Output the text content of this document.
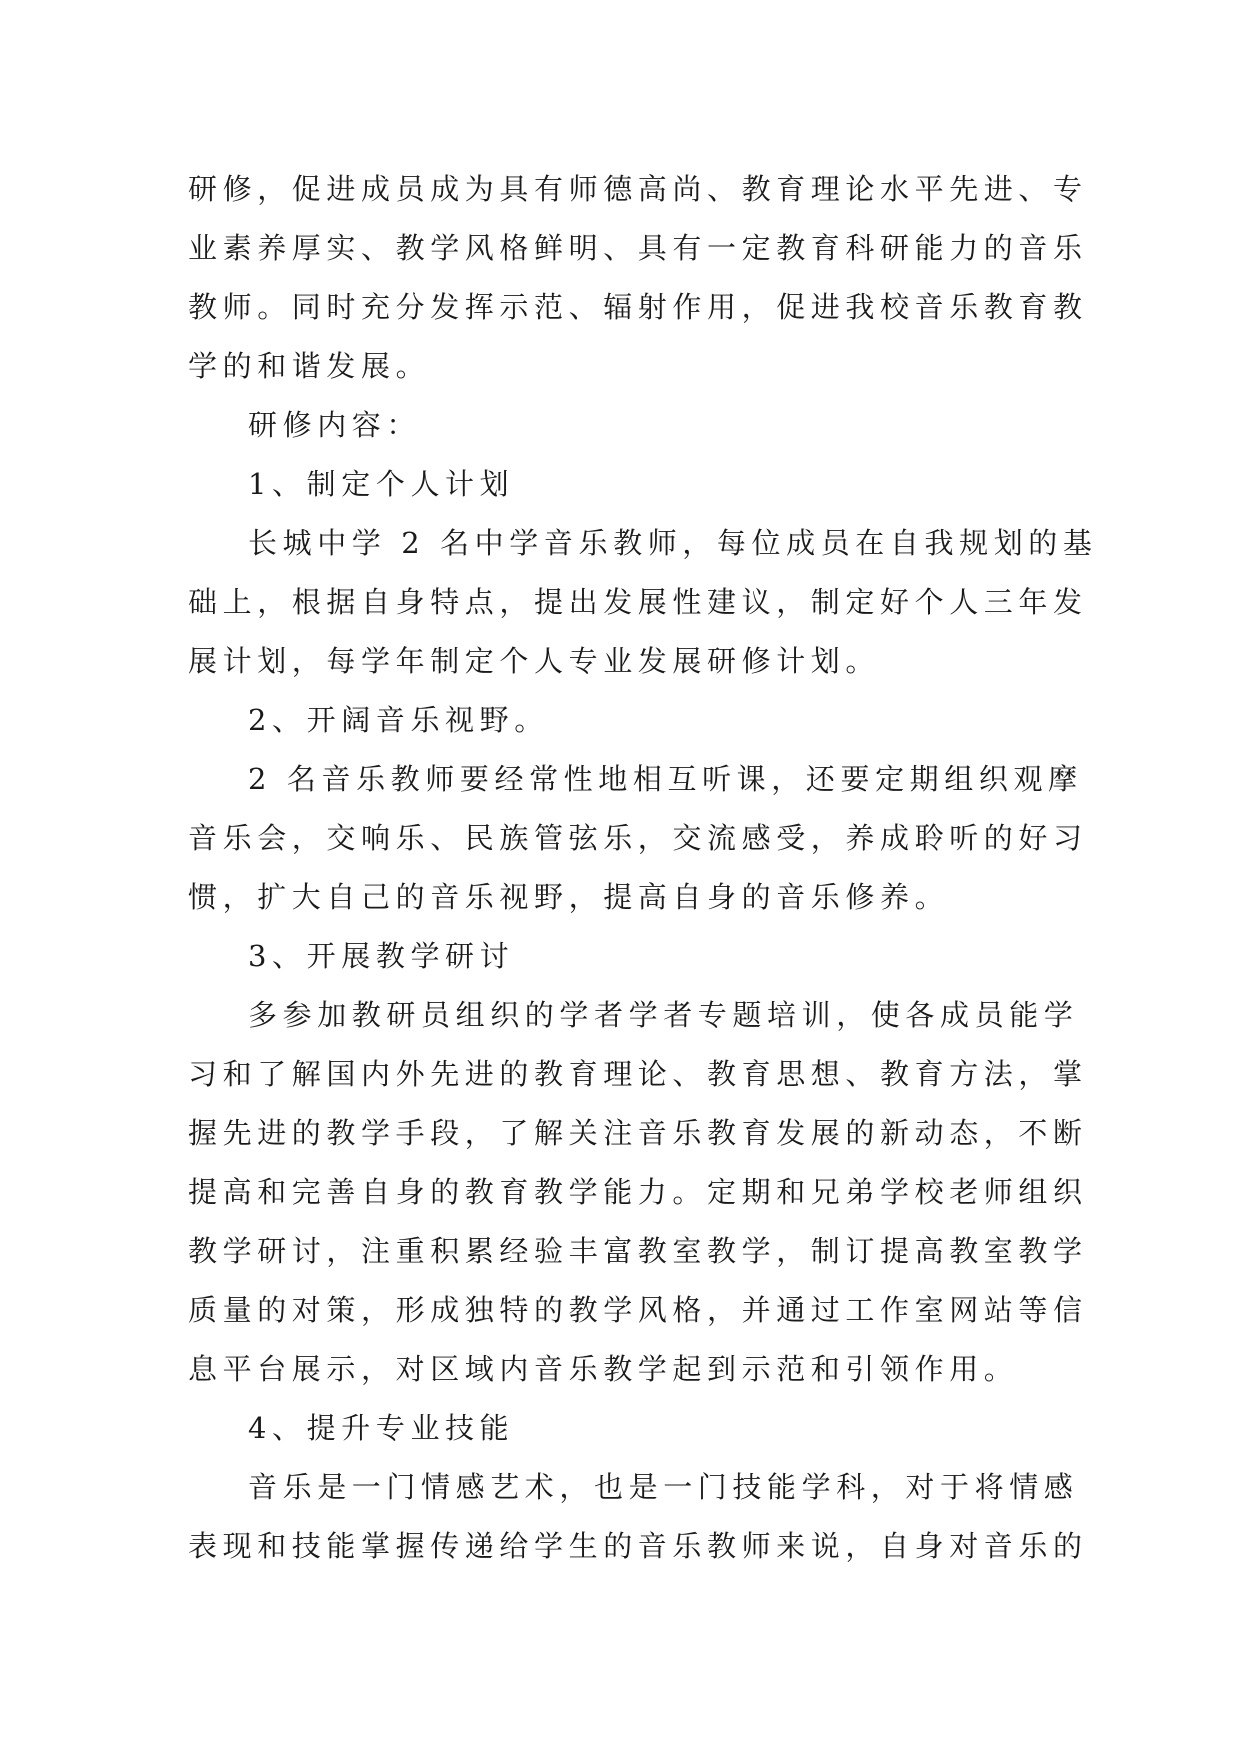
研修，促进成员成为具有师德高尚、教育理论水平先进、专
业素养厚实、教学风格鲜明、具有一定教育科研能力的音乐
教师。同时充分发挥示范、辐射作用，促进我校音乐教育教
学的和谐发展。
研修内容：
1、制定个人计划
长城中学 2 名中学音乐教师，每位成员在自我规划的基
础上，根据自身特点，提出发展性建议，制定好个人三年发
展计划，每学年制定个人专业发展研修计划。
2、开阔音乐视野。
2 名音乐教师要经常性地相互听课，还要定期组织观摩
音乐会，交响乐、民族管弦乐，交流感受，养成聆听的好习
惯，扩大自己的音乐视野，提高自身的音乐修养。
3、开展教学研讨
多参加教研员组织的学者学者专题培训，使各成员能学
习和了解国内外先进的教育理论、教育思想、教育方法，掌
握先进的教学手段，了解关注音乐教育发展的新动态，不断
提高和完善自身的教育教学能力。定期和兄弟学校老师组织
教学研讨，注重积累经验丰富教室教学，制订提高教室教学
质量的对策，形成独特的教学风格，并通过工作室网站等信
息平台展示，对区域内音乐教学起到示范和引领作用。
4、提升专业技能
音乐是一门情感艺术，也是一门技能学科，对于将情感
表现和技能掌握传递给学生的音乐教师来说，自身对音乐的
